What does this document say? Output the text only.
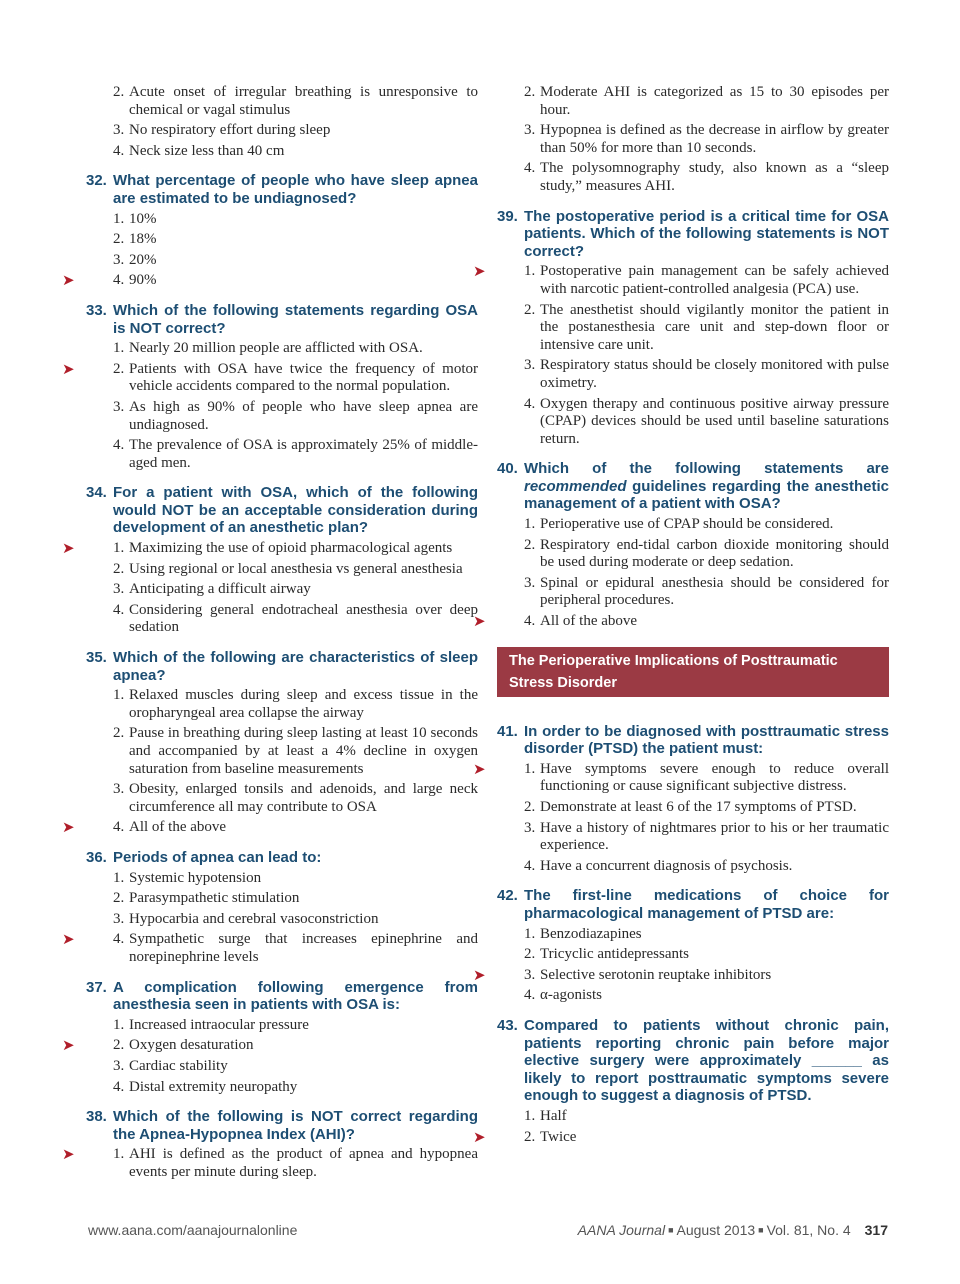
2. Acute onset of irregular breathing is unresponsive to chemical or vagal stimulus
3. No respiratory effort during sleep
4. Neck size less than 40 cm
32. What percentage of people who have sleep apnea are estimated to be undiagnosed?
1. 10%
2. 18%
3. 20%
➤	4. 90%
33. Which of the following statements regarding OSA is NOT correct?
1. Nearly 20 million people are afflicted with OSA.
➤	2. Patients with OSA have twice the frequency of motor vehicle accidents compared to the normal population.
3. As high as 90% of people who have sleep apnea are undiagnosed.
4. The prevalence of OSA is approximately 25% of middle-aged men.
34. For a patient with OSA, which of the following would NOT be an acceptable consideration during development of an anesthetic plan?
➤	1. Maximizing the use of opioid pharmacological agents
2. Using regional or local anesthesia vs general anesthesia
3. Anticipating a difficult airway
4. Considering general endotracheal anesthesia over deep sedation
35. Which of the following are characteristics of sleep apnea?
1. Relaxed muscles during sleep and excess tissue in the oropharyngeal area collapse the airway
2. Pause in breathing during sleep lasting at least 10 seconds and accompanied by at least a 4% decline in oxygen saturation from baseline measurements
3. Obesity, enlarged tonsils and adenoids, and large neck circumference all may contribute to OSA
➤	4. All of the above
36. Periods of apnea can lead to:
1. Systemic hypotension
2. Parasympathetic stimulation
3. Hypocarbia and cerebral vasoconstriction
➤	4. Sympathetic surge that increases epinephrine and norepinephrine levels
37. A complication following emergence from anesthesia seen in patients with OSA is:
1. Increased intraocular pressure
➤	2. Oxygen desaturation
3. Cardiac stability
4. Distal extremity neuropathy
38. Which of the following is NOT correct regarding the Apnea-Hypopnea Index (AHI)?
➤	1. AHI is defined as the product of apnea and hypopnea events per minute during sleep.
2. Moderate AHI is categorized as 15 to 30 episodes per hour.
3. Hypopnea is defined as the decrease in airflow by greater than 50% for more than 10 seconds.
4. The polysomnography study, also known as a “sleep study,” measures AHI.
39. The postoperative period is a critical time for OSA patients. Which of the following statements is NOT correct?
➤	1. Postoperative pain management can be safely achieved with narcotic patient-controlled analgesia (PCA) use.
2. The anesthetist should vigilantly monitor the patient in the postanesthesia care unit and step-down floor or intensive care unit.
3. Respiratory status should be closely monitored with pulse oximetry.
4. Oxygen therapy and continuous positive airway pressure (CPAP) devices should be used until baseline saturations return.
40. Which of the following statements are recommended guidelines regarding the anesthetic management of a patient with OSA?
1. Perioperative use of CPAP should be considered.
2. Respiratory end-tidal carbon dioxide monitoring should be used during moderate or deep sedation.
3. Spinal or epidural anesthesia should be considered for peripheral procedures.
➤	4. All of the above
The Perioperative Implications of Posttraumatic Stress Disorder
41. In order to be diagnosed with posttraumatic stress disorder (PTSD) the patient must:
➤	1. Have symptoms severe enough to reduce overall functioning or cause significant subjective distress.
2. Demonstrate at least 6 of the 17 symptoms of PTSD.
3. Have a history of nightmares prior to his or her traumatic experience.
4. Have a concurrent diagnosis of psychosis.
42. The first-line medications of choice for pharmacological management of PTSD are:
1. Benzodiazapines
2. Tricyclic antidepressants
➤	3. Selective serotonin reuptake inhibitors
4. α-agonists
43. Compared to patients without chronic pain, patients reporting chronic pain before major elective surgery were approximately ______ as likely to report posttraumatic symptoms severe enough to suggest a diagnosis of PTSD.
1. Half
➤	2. Twice
www.aana.com/aanajournalonline	AANA Journal ■ August 2013 ■ Vol. 81, No. 4 317
